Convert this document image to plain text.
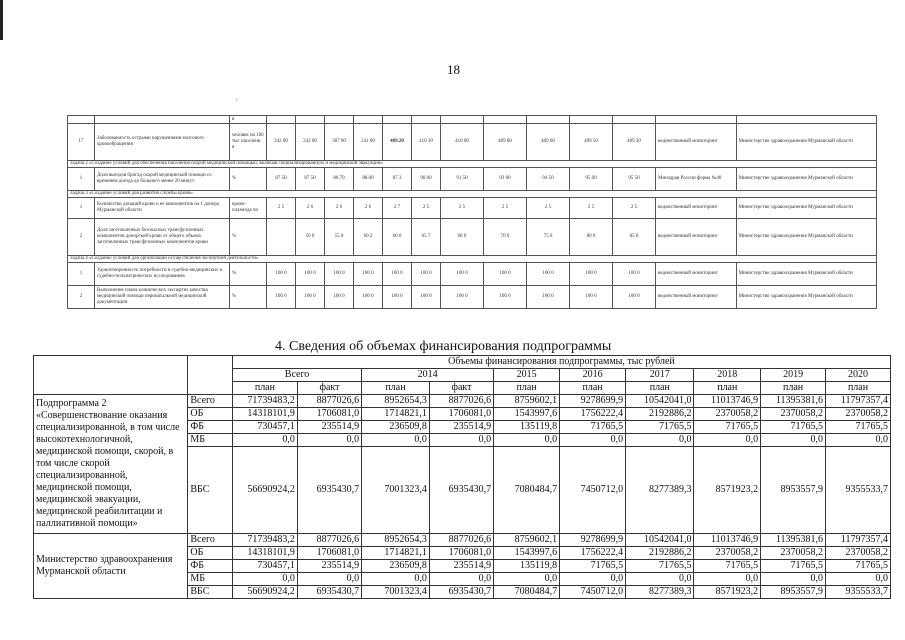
18
'
		в													
17	Заболеваемость острыми нарушениями мозгового кровообращения	человек на 100 тыс населени я	242 00	242 00	387 90	241 00	409.20	410 30	410 00	409 80	409 60	409 50	409 30	ведомственный мониторинг	Министерство здравоохранения Мурманской области
Задача 2 «Создание условий для обеспечения населения скорой медицинской помощью, включая специализированную и медицинской эвакуации»															
1	Доля выездов бригад скорой медицинской помощи со временем доезда до больного менее 20 минут	%	87 50	87 50	86 70	88.00	87 3	90 00	91 50	93 00	94 50	95 00	95 50	Минздрав России форма №40	Министерство здравоохранения Мурманской области
Задача 3 «Создание условий для развития службы крови»															
1	Количество донаций крови и ее компонентов на 1 донора Мурманской области	крово-плазмода чи	2 5	2 6	2 6	2 6	2 7	2 5	2 5	2 5	2 5	2 5	2 5	ведомственный мониторинг	Министерство здравоохранения Мурманской области
2	Доля заготовленных безопасных трансфузионных компонентов донорской крови от общего объема заготовленных трансфузионных компонентов крови	%		50 0	55 0	60 2	60 0	65 7	68 0	70 0	75 0	80 0	85 0	ведомственный мониторинг	Министерство здравоохранения Мурманской области
Задача 4 «Создание условий для организации осуществления экспертной деятельности»															
1	Удовлетворенность потребности в судебно-медицинских и судебно-психиатрических исследованиях	%	100 0	100 0	100 0	100 0	100 0	100 0	100 0	100 0	100 0	100 0	100 0	ведомственный мониторинг	Министерство здравоохранения Мурманской области
2	Выполнение плана клинических экспертиз качества медицинской помощи перинатальной медицинской документации	%	100 0	100 0	100 0	100 0	100 0	100 0	100 0	100 0	100 0	100 0	100 0	ведомственный мониторинг	Министерство здравоохранения Мурманской области
4. Сведения об объемах финансирования подпрограммы
		Объемы финансирования подпрограммы, тыс рублей									
		Всего		2014		2015	2016	2017	2018	2019	2020
		план	факт	план	факт	план	план	план	план	план	план
Подпрограмма 2 «Совершенствование оказания специализированной, в том числе высокотехнологичной, медицинской помощи, скорой, в том числе скорой специализированной, медицинской помощи, медицинской эвакуации, медицинской реабилитации и паллиативной помощи»	Всего	71739483,2	8877026,6	8952654,3	8877026,6	8759602,1	9278699,9	10542041,0	11013746,9	11395381,6	11797357,4
	ОБ	14318101,9	1706081,0	1714821,1	1706081,0	1543997,6	1756222,4	2192886,2	2370058,2	2370058,2	2370058,2
	ФБ	730457,1	235514,9	236509,8	235514,9	135119,8	71765,5	71765,5	71765,5	71765,5	71765,5
	МБ	0,0	0,0	0,0	0,0	0,0	0,0	0,0	0,0	0,0	0,0
	ВБС	56690924,2	6935430,7	7001323,4	6935430,7	7080484,7	7450712,0	8277389,3	8571923,2	8953557,9	9355533,7
Министерство здравоохранения Мурманской области	Всего	71739483,2	8877026,6	8952654,3	8877026,6	8759602,1	9278699,9	10542041,0	11013746,9	11395381,6	11797357,4
	ОБ	14318101,9	1706081,0	1714821,1	1706081,0	1543997,6	1756222,4	2192886,2	2370058,2	2370058,2	2370058,2
	ФБ	730457,1	235514,9	236509,8	235514,9	135119,8	71765,5	71765,5	71765,5	71765,5	71765,5
	МБ	0,0	0,0	0,0	0,0	0,0	0,0	0,0	0,0	0,0	0,0
	ВБС	56690924,2	6935430,7	7001323,4	6935430,7	7080484,7	7450712,0	8277389,3	8571923,2	8953557,9	9355533,7
